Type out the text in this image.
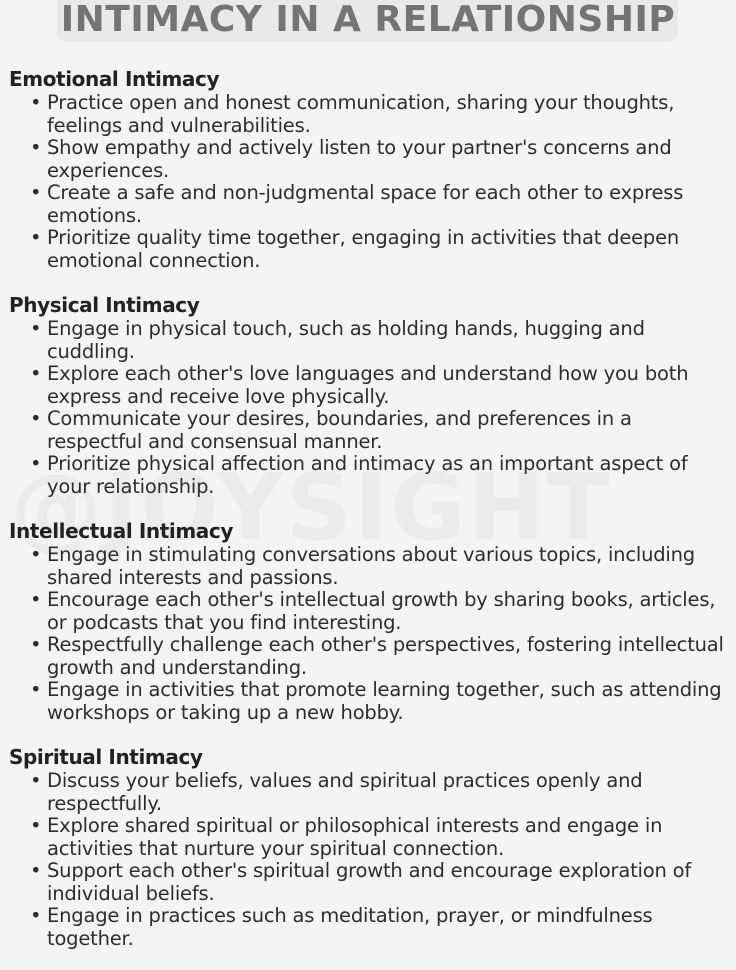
INTIMACY IN A RELATIONSHIP
Emotional Intimacy
• Practice open and honest communication, sharing your thoughts, feelings and vulnerabilities.
• Show empathy and actively listen to your partner's concerns and experiences.
• Create a safe and non-judgmental space for each other to express emotions.
• Prioritize quality time together, engaging in activities that deepen emotional connection.
Physical Intimacy
• Engage in physical touch, such as holding hands, hugging and cuddling.
• Explore each other's love languages and understand how you both express and receive love physically.
• Communicate your desires, boundaries, and preferences in a respectful and consensual manner.
• Prioritize physical affection and intimacy as an important aspect of your relationship.
Intellectual Intimacy
• Engage in stimulating conversations about various topics, including shared interests and passions.
• Encourage each other's intellectual growth by sharing books, articles, or podcasts that you find interesting.
• Respectfully challenge each other's perspectives, fostering intellectual growth and understanding.
• Engage in activities that promote learning together, such as attending workshops or taking up a new hobby.
Spiritual Intimacy
• Discuss your beliefs, values and spiritual practices openly and respectfully.
• Explore shared spiritual or philosophical interests and engage in activities that nurture your spiritual connection.
• Support each other's spiritual growth and encourage exploration of individual beliefs.
• Engage in practices such as meditation, prayer, or mindfulness together.
